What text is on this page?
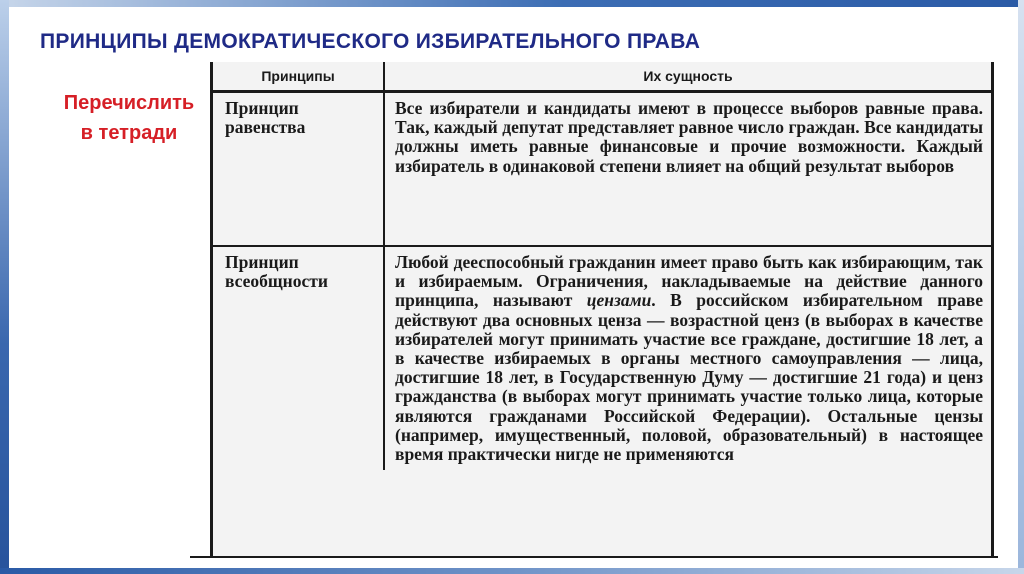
ПРИНЦИПЫ ДЕМОКРАТИЧЕСКОГО ИЗБИРАТЕЛЬНОГО ПРАВА
Перечислить
в тетради
Принципы	Их сущность
Принцип равенства	Все избиратели и кандидаты имеют в процессе выборов равные права. Так, каждый депутат представляет равное число граждан. Все кандидаты должны иметь равные финансовые и прочие возможности. Каждый избиратель в одинаковой степени влияет на общий результат выборов
Принцип всеобщности	Любой дееспособный гражданин имеет право быть как избирающим, так и избираемым. Ограничения, накладываемые на действие данного принципа, называют цензами. В российском избирательном праве действуют два основных ценза — возрастной ценз (в выборах в качестве избирателей могут принимать участие все граждане, достигшие 18 лет, а в качестве избираемых в органы местного самоуправления — лица, достигшие 18 лет, в Государственную Думу — достигшие 21 года) и ценз гражданства (в выборах могут принимать участие только лица, которые являются гражданами Российской Федерации). Остальные цензы (например, имущественный, половой, образовательный) в настоящее время практически нигде не применяются
